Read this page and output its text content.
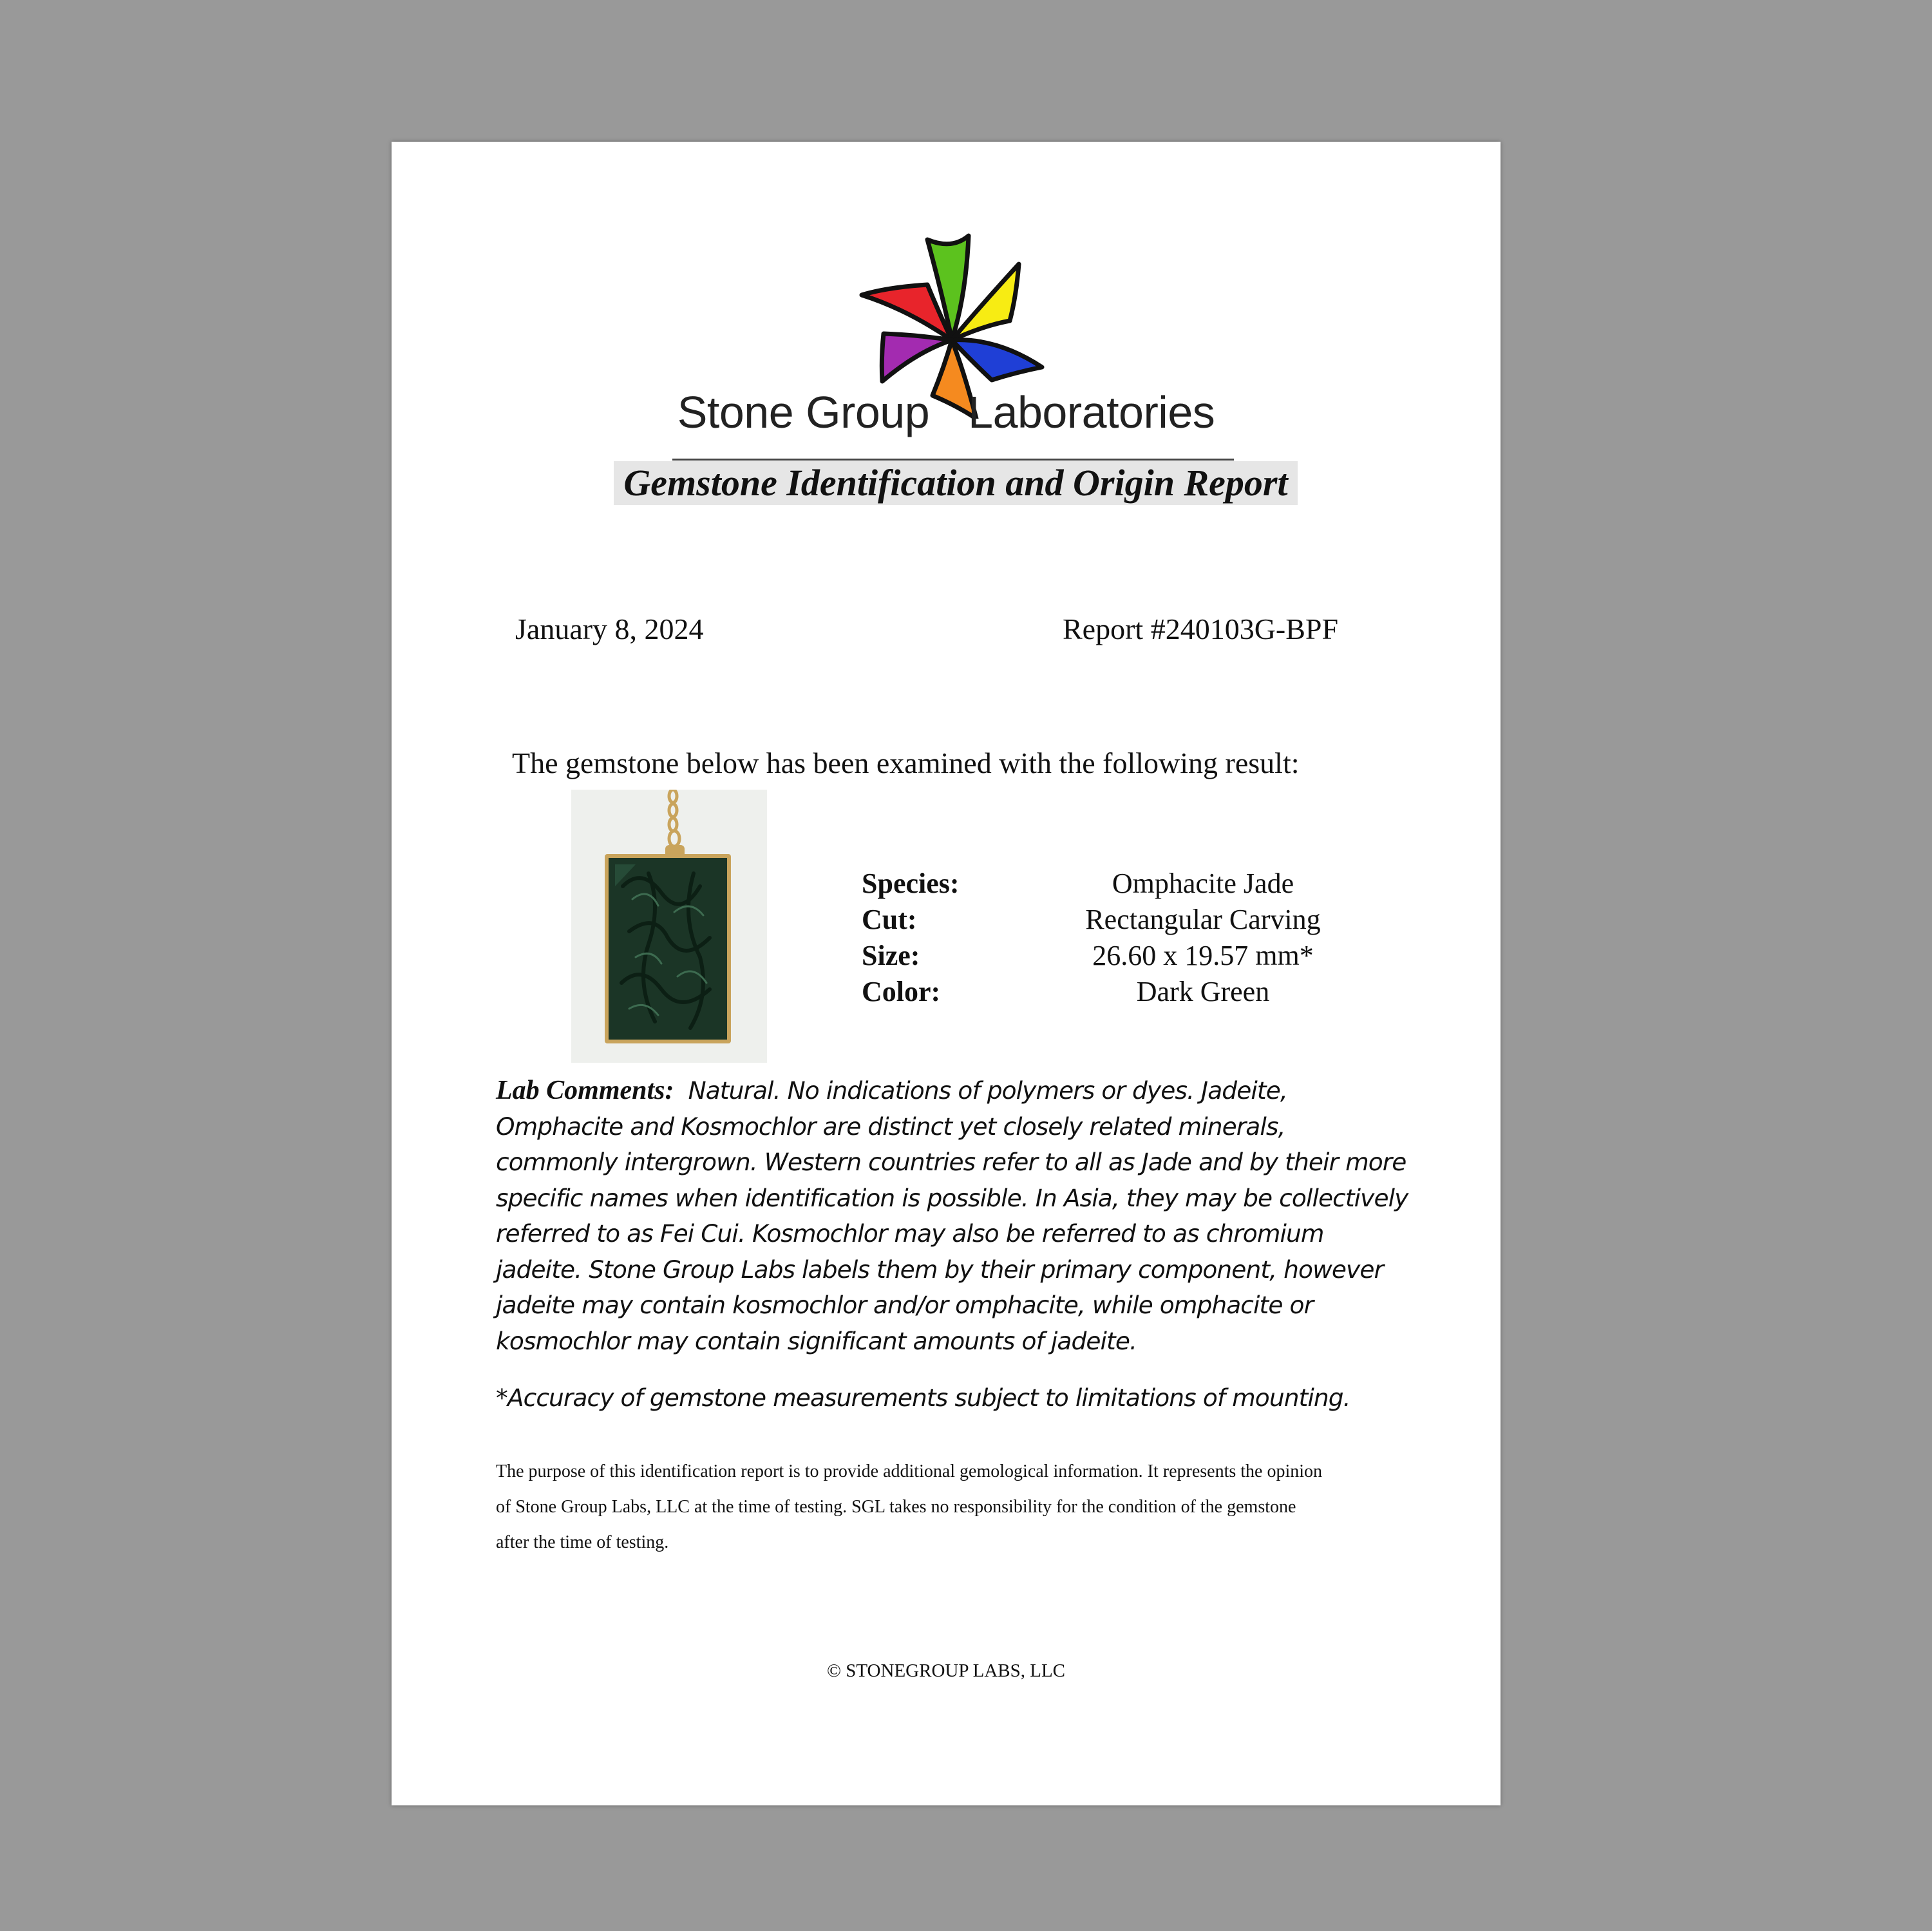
Stone Group Laboratories
Gemstone Identification and Origin Report
January 8, 2024	Report #240103G-BPF
The gemstone below has been examined with the following result:
Species:	Omphacite Jade
Cut:	Rectangular Carving
Size:	26.60 x 19.57 mm*
Color:	Dark Green
Lab Comments: Natural. No indications of polymers or dyes. Jadeite,
Omphacite and Kosmochlor are distinct yet closely related minerals,
commonly intergrown. Western countries refer to all as Jade and by their more
specific names when identification is possible. In Asia, they may be collectively
referred to as Fei Cui. Kosmochlor may also be referred to as chromium
jadeite. Stone Group Labs labels them by their primary component, however
jadeite may contain kosmochlor and/or omphacite, while omphacite or
kosmochlor may contain significant amounts of jadeite.
*Accuracy of gemstone measurements subject to limitations of mounting.
The purpose of this identification report is to provide additional gemological information. It represents the opinion
of Stone Group Labs, LLC at the time of testing. SGL takes no responsibility for the condition of the gemstone
after the time of testing.
© STONEGROUP LABS, LLC
